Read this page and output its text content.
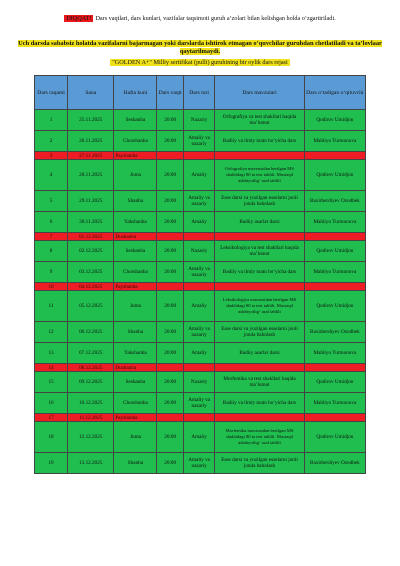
DIQQAT! Dars vaqtlari, dars kunlari, vazifalar taqsimoti guruh a’zolari bilan kelishgan holda o‘zgartiriladi.
Uch darsda sababsiz holatda vazifalarni bajarmagan yoki darslarda ishtirok etmagan o‘quvchilar guruhdan chetlatiladi va ta’lovlaar qaytarilmaydi.
"GOLDEN A+" Milliy sertifikat (pulli) guruhining bir oylik dars rejasi
Dars raqami	Sana	Hafta kuni	Dars vaqti	Dars turi	Dars mavzulari	Dars o‘tadigan o‘qituvchi
1	25.11.2025	Seshanba	20:00	Nazariy	Orfografiya va test shakllari haqida ma’lumot	Qodirov Umidjon
2	26.11.2025	Chorshanba	20:00	Amaliy va nazariy	Badiiy va ilmiy matn bo‘yicha dars	Mahliyo Turmonova
3	27.11.2025	Payshanba				
4	28.11.2025	Juma	20:00	Amaliy	Orfografiya mavzusidan berilgan MS shaklidagi 80 ta test tahlili. Mustaqil adabiyotlig‘ azal tahlili	Qodirov Umidjon
5	29.11.2025	Shanba	20:00	Amaliy va nazariy	Esse darsi va yozilgan esselarni jonli jonda baholash	Baxirberdiyev Ozodbek
6	30.11.2025	Yakshanba	20:00	Amaliy	Badiiy asarlar darsi	Mahliyo Turmonova
7	01.12.2025	Dushanba				
8	02.12.2025	Seshanba	20:00	Nazariy	Leksikologiya va test shakllari haqida ma’lumot	Qodirov Umidjon
9	03.12.2025	Chorshanba	20:00	Amaliy va nazariy	Badiiy va ilmiy matn bo‘yicha dars	Mahliyo Turmonova
10	04.12.2025	Payshanba				
11	05.12.2025	Juma	20:00	Amaliy	Leksikologiya mavzusidan berilgan MS shaklidagi 80 ta test tahlili. Mustaqil adabiyotlig‘ azal tahlili	Qodirov Umidjon
12	06.12.2025	Shanba	20:00	Amaliy va nazariy	Esse darsi va yozilgan esselarni jonli jonda baholash	Baxirberdiyev Ozodbek
13	07.12.2025	Yakshanba	20:00	Amaliy	Badiiy asarlar darsi	Mahliyo Turmonova
14	08.12.2025	Dushanba				
15	09.12.2025	Seshanba	20:00	Nazariy	Morfemika va test shakllari haqida ma’lumot	Qodirov Umidjon
16	10.12.2025	Chorshanba	20:00	Amaliy va nazariy	Badiiy va ilmiy matn bo‘yicha dars	Mahliyo Turmonova
17	11.12.2025	Payshanba				
18	12.12.2025	Juma	20:00	Amaliy	Morfemika mavzusidan berilgan MS shaklidagi 80 ta test tahlili. Mustaqil adabiyotlig‘ azal tahlili	Qodirov Umidjon
19	13.12.2025	Shanba	20:00	Amaliy va nazariy	Esse darsi va yozilgan esselarni jonli jonda baholash	Baxirberdiyev Ozodbek
